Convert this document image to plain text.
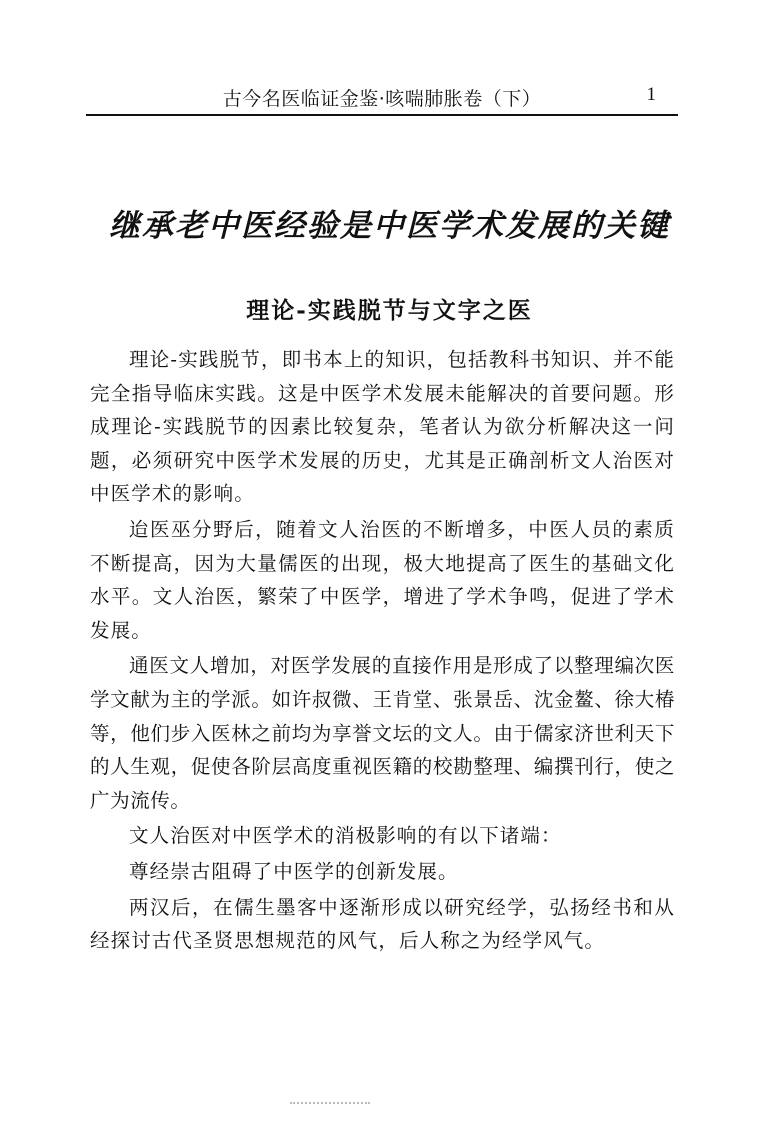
古今名医临证金鉴·咳喘肺胀卷（下）	1
继承老中医经验是中医学术发展的关键
理论-实践脱节与文字之医

理论-实践脱节，即书本上的知识，包括教科书知识、并不能完全指导临床实践。这是中医学术发展未能解决的首要问题。形成理论-实践脱节的因素比较复杂，笔者认为欲分析解决这一问题，必须研究中医学术发展的历史，尤其是正确剖析文人治医对中医学术的影响。

迨医巫分野后，随着文人治医的不断增多，中医人员的素质不断提高，因为大量儒医的出现，极大地提高了医生的基础文化水平。文人治医，繁荣了中医学，增进了学术争鸣，促进了学术发展。

通医文人增加，对医学发展的直接作用是形成了以整理编次医学文献为主的学派。如许叔微、王肯堂、张景岳、沈金鳌、徐大椿等，他们步入医林之前均为享誉文坛的文人。由于儒家济世利天下的人生观，促使各阶层高度重视医籍的校勘整理、编撰刊行，使之广为流传。

文人治医对中医学术的消极影响的有以下诸端：

尊经崇古阻碍了中医学的创新发展。

两汉后，在儒生墨客中逐渐形成以研究经学，弘扬经书和从经探讨古代圣贤思想规范的风气，后人称之为经学风气。
